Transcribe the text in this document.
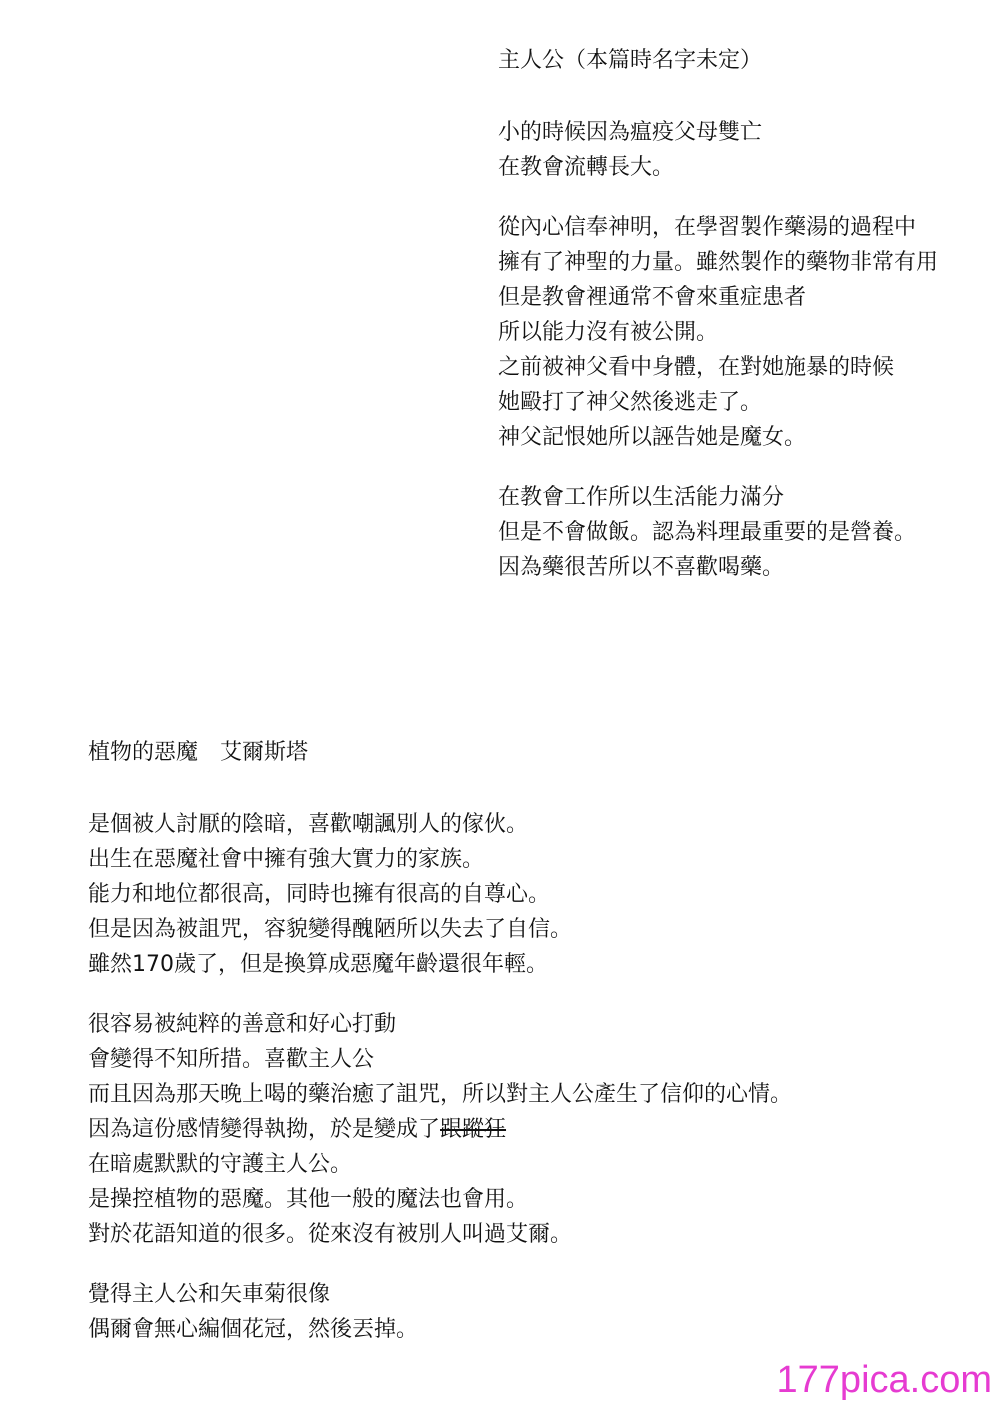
主人公（本篇時名字未定）
小的時候因為瘟疫父母雙亡
在教會流轉長大。
從內心信奉神明，在學習製作藥湯的過程中
擁有了神聖的力量。雖然製作的藥物非常有用
但是教會裡通常不會來重症患者
所以能力沒有被公開。
之前被神父看中身體，在對她施暴的時候
她毆打了神父然後逃走了。
神父記恨她所以誣告她是魔女。
在教會工作所以生活能力滿分
但是不會做飯。認為料理最重要的是營養。
因為藥很苦所以不喜歡喝藥。
植物的惡魔　艾爾斯塔
是個被人討厭的陰暗，喜歡嘲諷別人的傢伙。
出生在惡魔社會中擁有強大實力的家族。
能力和地位都很高，同時也擁有很高的自尊心。
但是因為被詛咒，容貌變得醜陋所以失去了自信。
雖然170歲了，但是換算成惡魔年齡還很年輕。
很容易被純粹的善意和好心打動
會變得不知所措。喜歡主人公
而且因為那天晚上喝的藥治癒了詛咒，所以對主人公產生了信仰的心情。
因為這份感情變得執拗，於是變成了跟蹤狂
在暗處默默的守護主人公。
是操控植物的惡魔。其他一般的魔法也會用。
對於花語知道的很多。從來沒有被別人叫過艾爾。
覺得主人公和矢車菊很像
偶爾會無心編個花冠，然後丟掉。
177pica.com
